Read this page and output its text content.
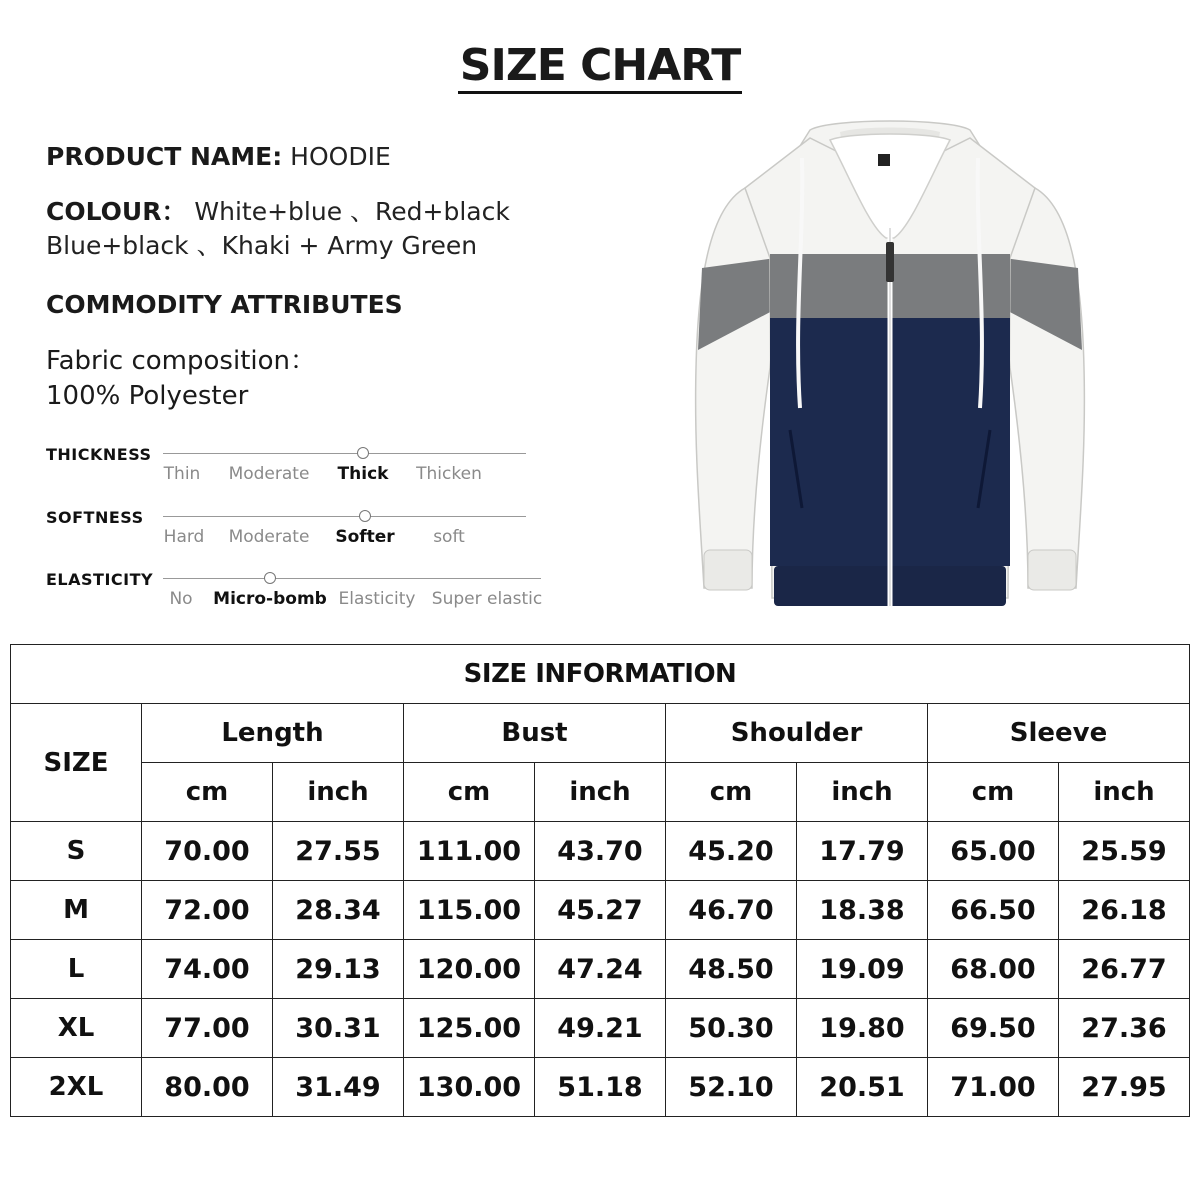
SIZE CHART
PRODUCT NAME: HOODIE
COLOUR： White+blue 、Red+black
Blue+black 、Khaki + Army Green
COMMODITY ATTRIBUTES
Fabric composition：
100% Polyester
THICKNESS
Thin Moderate Thick Thicken
SOFTNESS
Hard Moderate Softer soft
ELASTICITY
No Micro-bomb Elasticity Super elastic
SIZE INFORMATION								
SIZE	Length		Bust		Shoulder		Sleeve	
	cm	inch	cm	inch	cm	inch	cm	inch
S	70.00	27.55	111.00	43.70	45.20	17.79	65.00	25.59
M	72.00	28.34	115.00	45.27	46.70	18.38	66.50	26.18
L	74.00	29.13	120.00	47.24	48.50	19.09	68.00	26.77
XL	77.00	30.31	125.00	49.21	50.30	19.80	69.50	27.36
2XL	80.00	31.49	130.00	51.18	52.10	20.51	71.00	27.95
